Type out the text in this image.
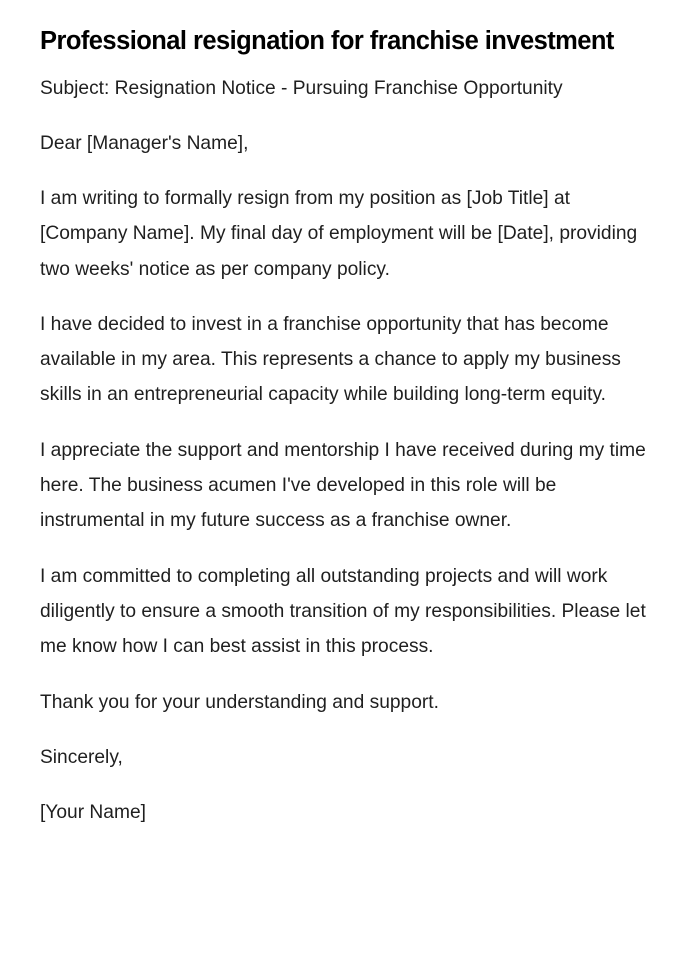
Professional resignation for franchise investment

Subject: Resignation Notice - Pursuing Franchise Opportunity

Dear [Manager's Name],

I am writing to formally resign from my position as [Job Title] at [Company Name]. My final day of employment will be [Date], providing two weeks' notice as per company policy.

I have decided to invest in a franchise opportunity that has become available in my area. This represents a chance to apply my business skills in an entrepreneurial capacity while building long-term equity.

I appreciate the support and mentorship I have received during my time here. The business acumen I've developed in this role will be instrumental in my future success as a franchise owner.

I am committed to completing all outstanding projects and will work diligently to ensure a smooth transition of my responsibilities. Please let me know how I can best assist in this process.

Thank you for your understanding and support.

Sincerely,

[Your Name]
